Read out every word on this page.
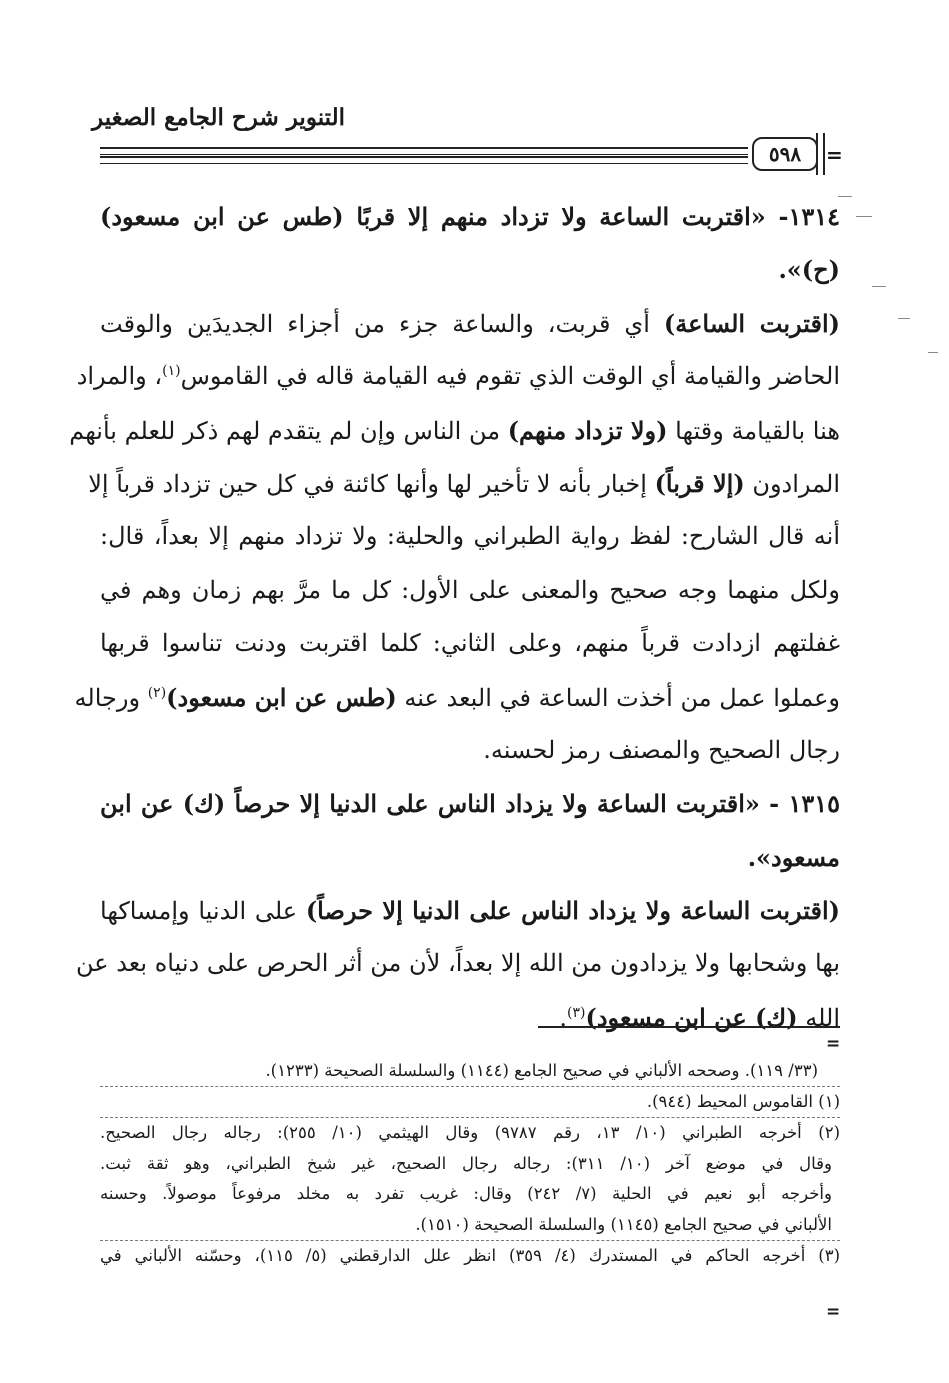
التنوير شرح الجامع الصغير
٥٩٨	=
١٣١٤- «اقتربت الساعة ولا تزداد منهم إلا قربًا (طس عن ابن مسعود)
(ح)».
(اقتربت الساعة) أي قربت، والساعة جزء من أجزاء الجديدَين والوقت
الحاضر والقيامة أي الوقت الذي تقوم فيه القيامة قاله في القاموس$^{(١)}$، والمراد
هنا بالقيامة وقتها (ولا تزداد منهم) من الناس وإن لم يتقدم لهم ذكر للعلم بأنهم
المرادون (إلا قرباً) إخبار بأنه لا تأخير لها وأنها كائنة في كل حين تزداد قرباً إلا
أنه قال الشارح: لفظ رواية الطبراني والحلية: ولا تزداد منهم إلا بعداً، قال:
ولكل منهما وجه صحيح والمعنى على الأول: كل ما مرَّ بهم زمان وهم في
غفلتهم ازدادت قرباً منهم، وعلى الثاني: كلما اقتربت ودنت تناسوا قربها
وعملوا عمل من أخذت الساعة في البعد عنه (طس عن ابن مسعود)$^{(٢)}$ ورجاله
رجال الصحيح والمصنف رمز لحسنه.
١٣١٥ - «اقتربت الساعة ولا يزداد الناس على الدنيا إلا حرصاً (ك) عن ابن
مسعود».
(اقتربت الساعة ولا يزداد الناس على الدنيا إلا حرصاً) على الدنيا وإمساكها
بها وشحابها ولا يزدادون من الله إلا بعداً، لأن من أثر الحرص على دنياه بعد عن
الله (ك) عن ابن مسعود)$^{(٣)}$.
=
(٣٣/ ١١٩). وصححه الألباني في صحيح الجامع (١١٤٤) والسلسلة الصحيحة (١٢٣٣).
(١) القاموس المحيط (٩٤٤).
(٢) أخرجه الطبراني (١٠/ ١٣، رقم ٩٧٨٧) وقال الهيثمي (١٠/ ٢٥٥): رجاله رجال الصحيح.
وقال في موضع آخر (١٠/ ٣١١): رجاله رجال الصحيح، غير شيخ الطبراني، وهو ثقة ثبت.
وأخرجه أبو نعيم في الحلية (٧/ ٢٤٢) وقال: غريب تفرد به مخلد مرفوعاً موصولاً. وحسنه
الألباني في صحيح الجامع (١١٤٥) والسلسلة الصحيحة (١٥١٠).
(٣) أخرجه الحاكم في المستدرك (٤/ ٣٥٩) انظر علل الدارقطني (٥/ ١١٥)، وحسّنه الألباني في
=
